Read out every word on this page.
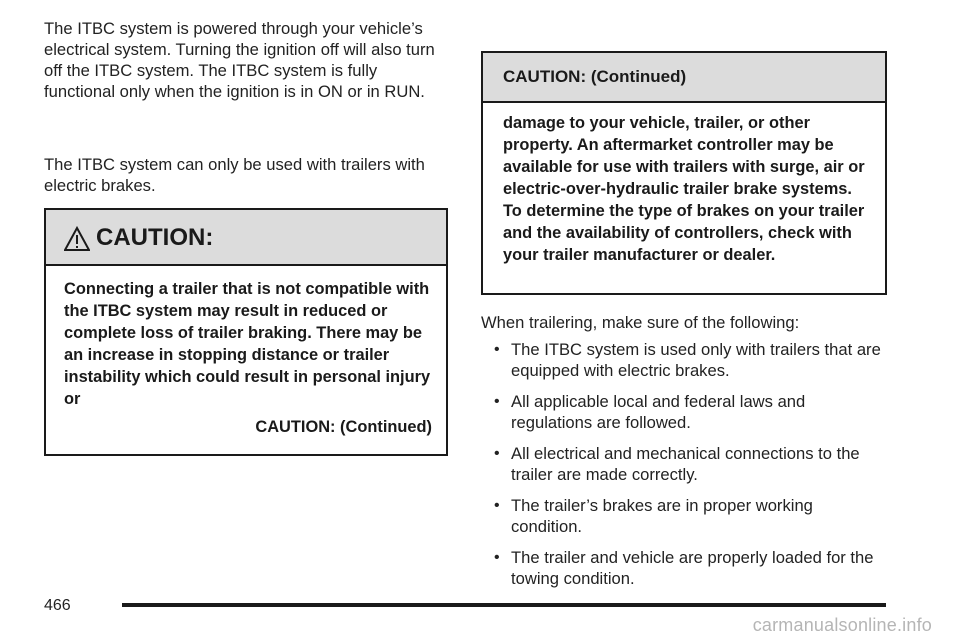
The ITBC system is powered through your vehicle’s electrical system. Turning the ignition off will also turn off the ITBC system. The ITBC system is fully functional only when the ignition is in ON or in RUN.

The ITBC system can only be used with trailers with electric brakes.

CAUTION:
Connecting a trailer that is not compatible with the ITBC system may result in reduced or complete loss of trailer braking. There may be an increase in stopping distance or trailer instability which could result in personal injury or
CAUTION: (Continued)
CAUTION: (Continued)
damage to your vehicle, trailer, or other property. An aftermarket controller may be available for use with trailers with surge, air or electric-over-hydraulic trailer brake systems. To determine the type of brakes on your trailer and the availability of controllers, check with your trailer manufacturer or dealer.

When trailering, make sure of the following:

• The ITBC system is used only with trailers that are equipped with electric brakes.
• All applicable local and federal laws and regulations are followed.
• All electrical and mechanical connections to the trailer are made correctly.
• The trailer’s brakes are in proper working condition.
• The trailer and vehicle are properly loaded for the towing condition.
466
carmanualsonline.info
